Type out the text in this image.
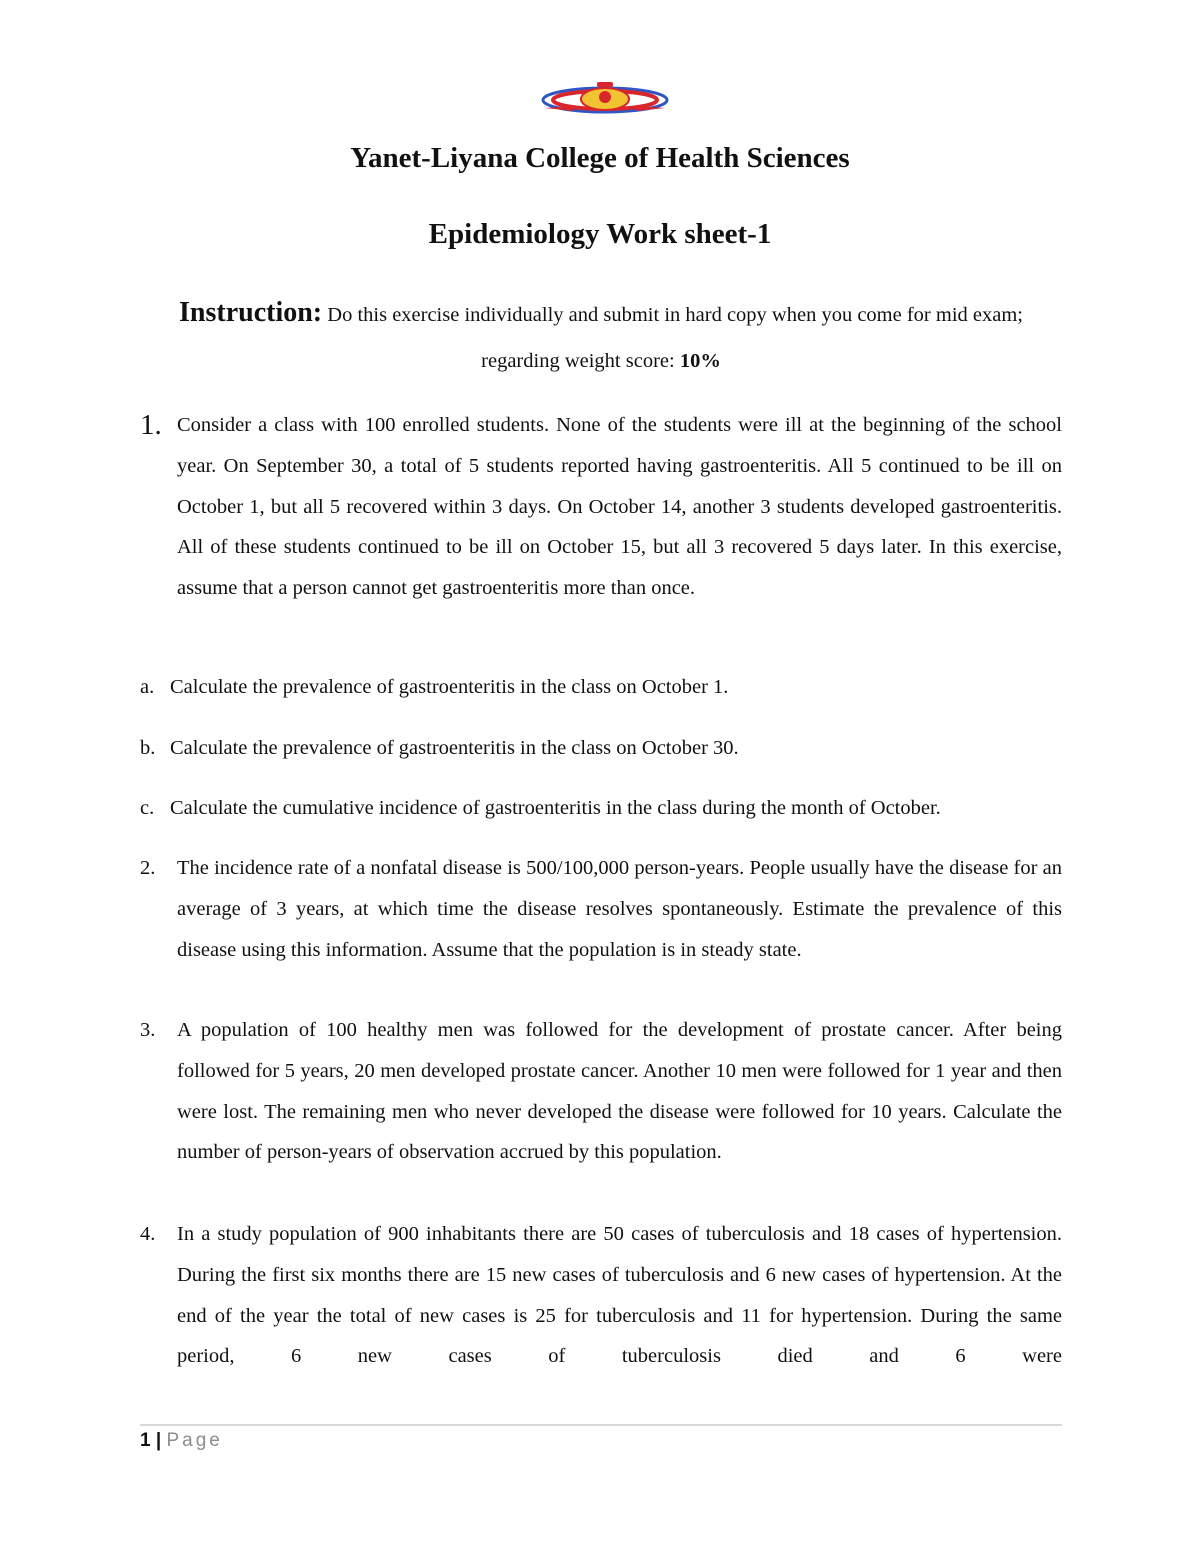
Yanet-Liyana College of Health Sciences
Epidemiology Work sheet-1
Instruction: Do this exercise individually and submit in hard copy when you come for mid exam; regarding weight score: 10%
1. Consider a class with 100 enrolled students. None of the students were ill at the beginning of the school year. On September 30, a total of 5 students reported having gastroenteritis. All 5 continued to be ill on October 1, but all 5 recovered within 3 days. On October 14, another 3 students developed gastroenteritis. All of these students continued to be ill on October 15, but all 3 recovered 5 days later. In this exercise, assume that a person cannot get gastroenteritis more than once.
a. Calculate the prevalence of gastroenteritis in the class on October 1.
b. Calculate the prevalence of gastroenteritis in the class on October 30.
c. Calculate the cumulative incidence of gastroenteritis in the class during the month of October.
2. The incidence rate of a nonfatal disease is 500/100,000 person-years. People usually have the disease for an average of 3 years, at which time the disease resolves spontaneously. Estimate the prevalence of this disease using this information. Assume that the population is in steady state.
3. A population of 100 healthy men was followed for the development of prostate cancer. After being followed for 5 years, 20 men developed prostate cancer. Another 10 men were followed for 1 year and then were lost. The remaining men who never developed the disease were followed for 10 years. Calculate the number of person-years of observation accrued by this population.
4. In a study population of 900 inhabitants there are 50 cases of tuberculosis and 18 cases of hypertension. During the first six months there are 15 new cases of tuberculosis and 6 new cases of hypertension. At the end of the year the total of new cases is 25 for tuberculosis and 11 for hypertension. During the same period, 6 new cases of tuberculosis died and 6 were
1 | Page
